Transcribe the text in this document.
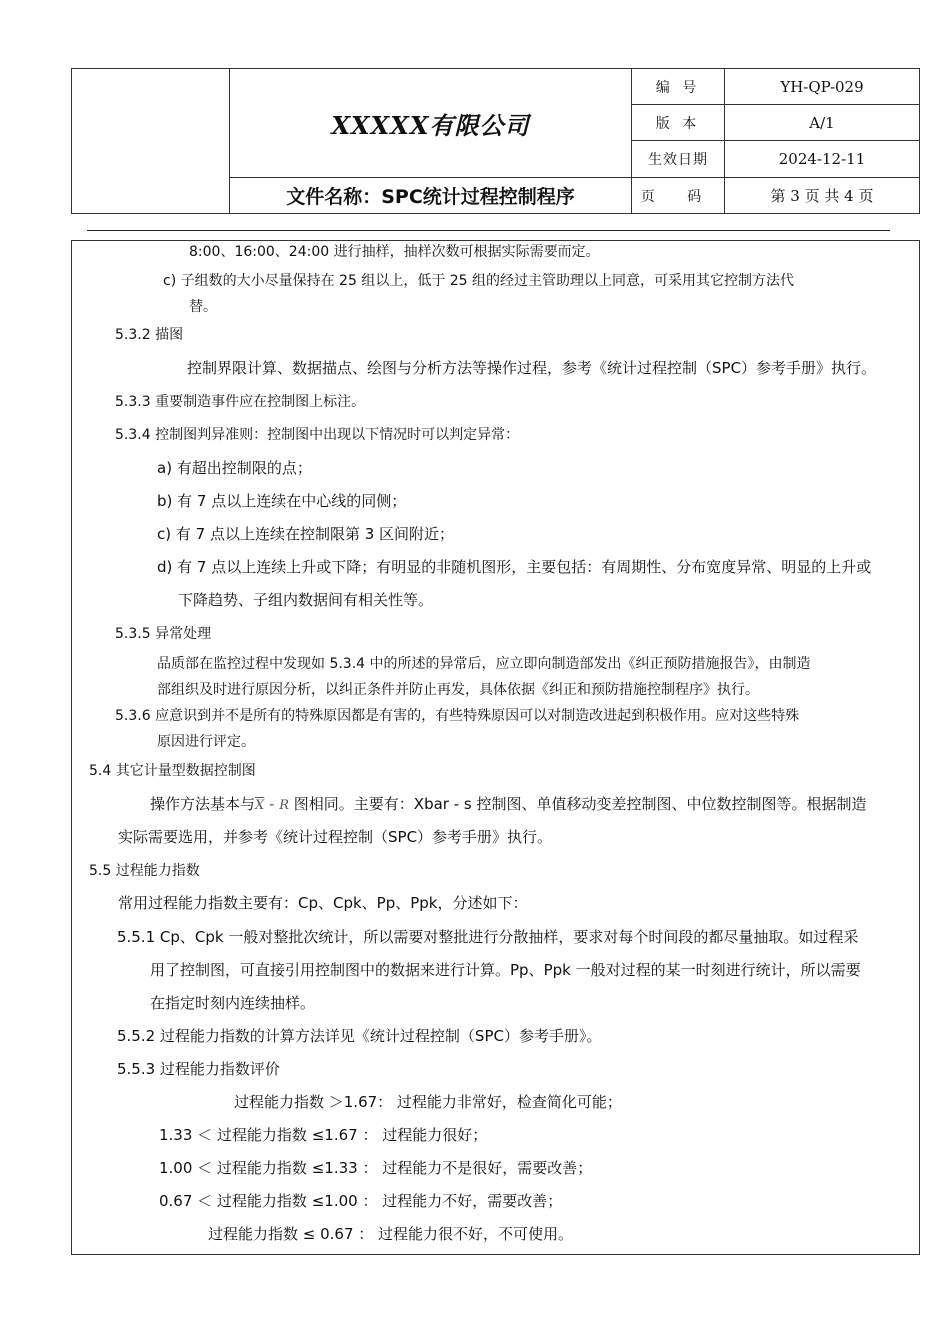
	XXXXX有限公司	编 号	YH-QP-029
		版 本	A/1
		生效日期	2024-12-11
	文件名称：SPC统计过程控制程序	页 码	第 3 页 共 4 页
8:00、16:00、24:00 进行抽样，抽样次数可根据实际需要而定。
c) 子组数的大小尽量保持在 25 组以上，低于 25 组的经过主管助理以上同意，可采用其它控制方法代
替。
5.3.2 描图
控制界限计算、数据描点、绘图与分析方法等操作过程，参考《统计过程控制（SPC）参考手册》执行。
5.3.3 重要制造事件应在控制图上标注。
5.3.4 控制图判异准则：控制图中出现以下情况时可以判定异常：
a) 有超出控制限的点；
b) 有 7 点以上连续在中心线的同侧；
c) 有 7 点以上连续在控制限第 3 区间附近；
d) 有 7 点以上连续上升或下降；有明显的非随机图形，主要包括：有周期性、分布宽度异常、明显的上升或
下降趋势、子组内数据间有相关性等。
5.3.5 异常处理
品质部在监控过程中发现如 5.3.4 中的所述的异常后，应立即向制造部发出《纠正预防措施报告》，由制造
部组织及时进行原因分析，以纠正条件并防止再发，具体依据《纠正和预防措施控制程序》执行。
5.3.6 应意识到并不是所有的特殊原因都是有害的，有些特殊原因可以对制造改进起到积极作用。应对这些特殊
原因进行评定。
5.4 其它计量型数据控制图
操作方法基本与$\overline{X}$ - R 图相同。主要有：Xbar - s 控制图、单值移动变差控制图、中位数控制图等。根据制造
实际需要选用，并参考《统计过程控制（SPC）参考手册》执行。
5.5 过程能力指数
常用过程能力指数主要有：Cp、Cpk、Pp、Ppk，分述如下：
5.5.1 Cp、Cpk 一般对整批次统计，所以需要对整批进行分散抽样，要求对每个时间段的都尽量抽取。如过程采
用了控制图，可直接引用控制图中的数据来进行计算。Pp、Ppk 一般对过程的某一时刻进行统计，所以需要
在指定时刻内连续抽样。
5.5.2 过程能力指数的计算方法详见《统计过程控制（SPC）参考手册》。
5.5.3 过程能力指数评价
过程能力指数 ＞1.67： 过程能力非常好，检查简化可能；
1.33 ＜ 过程能力指数 ≤1.67 ： 过程能力很好；
1.00 ＜ 过程能力指数 ≤1.33 ： 过程能力不是很好，需要改善；
0.67 ＜ 过程能力指数 ≤1.00 ： 过程能力不好，需要改善；
过程能力指数 ≤ 0.67 ： 过程能力很不好，不可使用。
